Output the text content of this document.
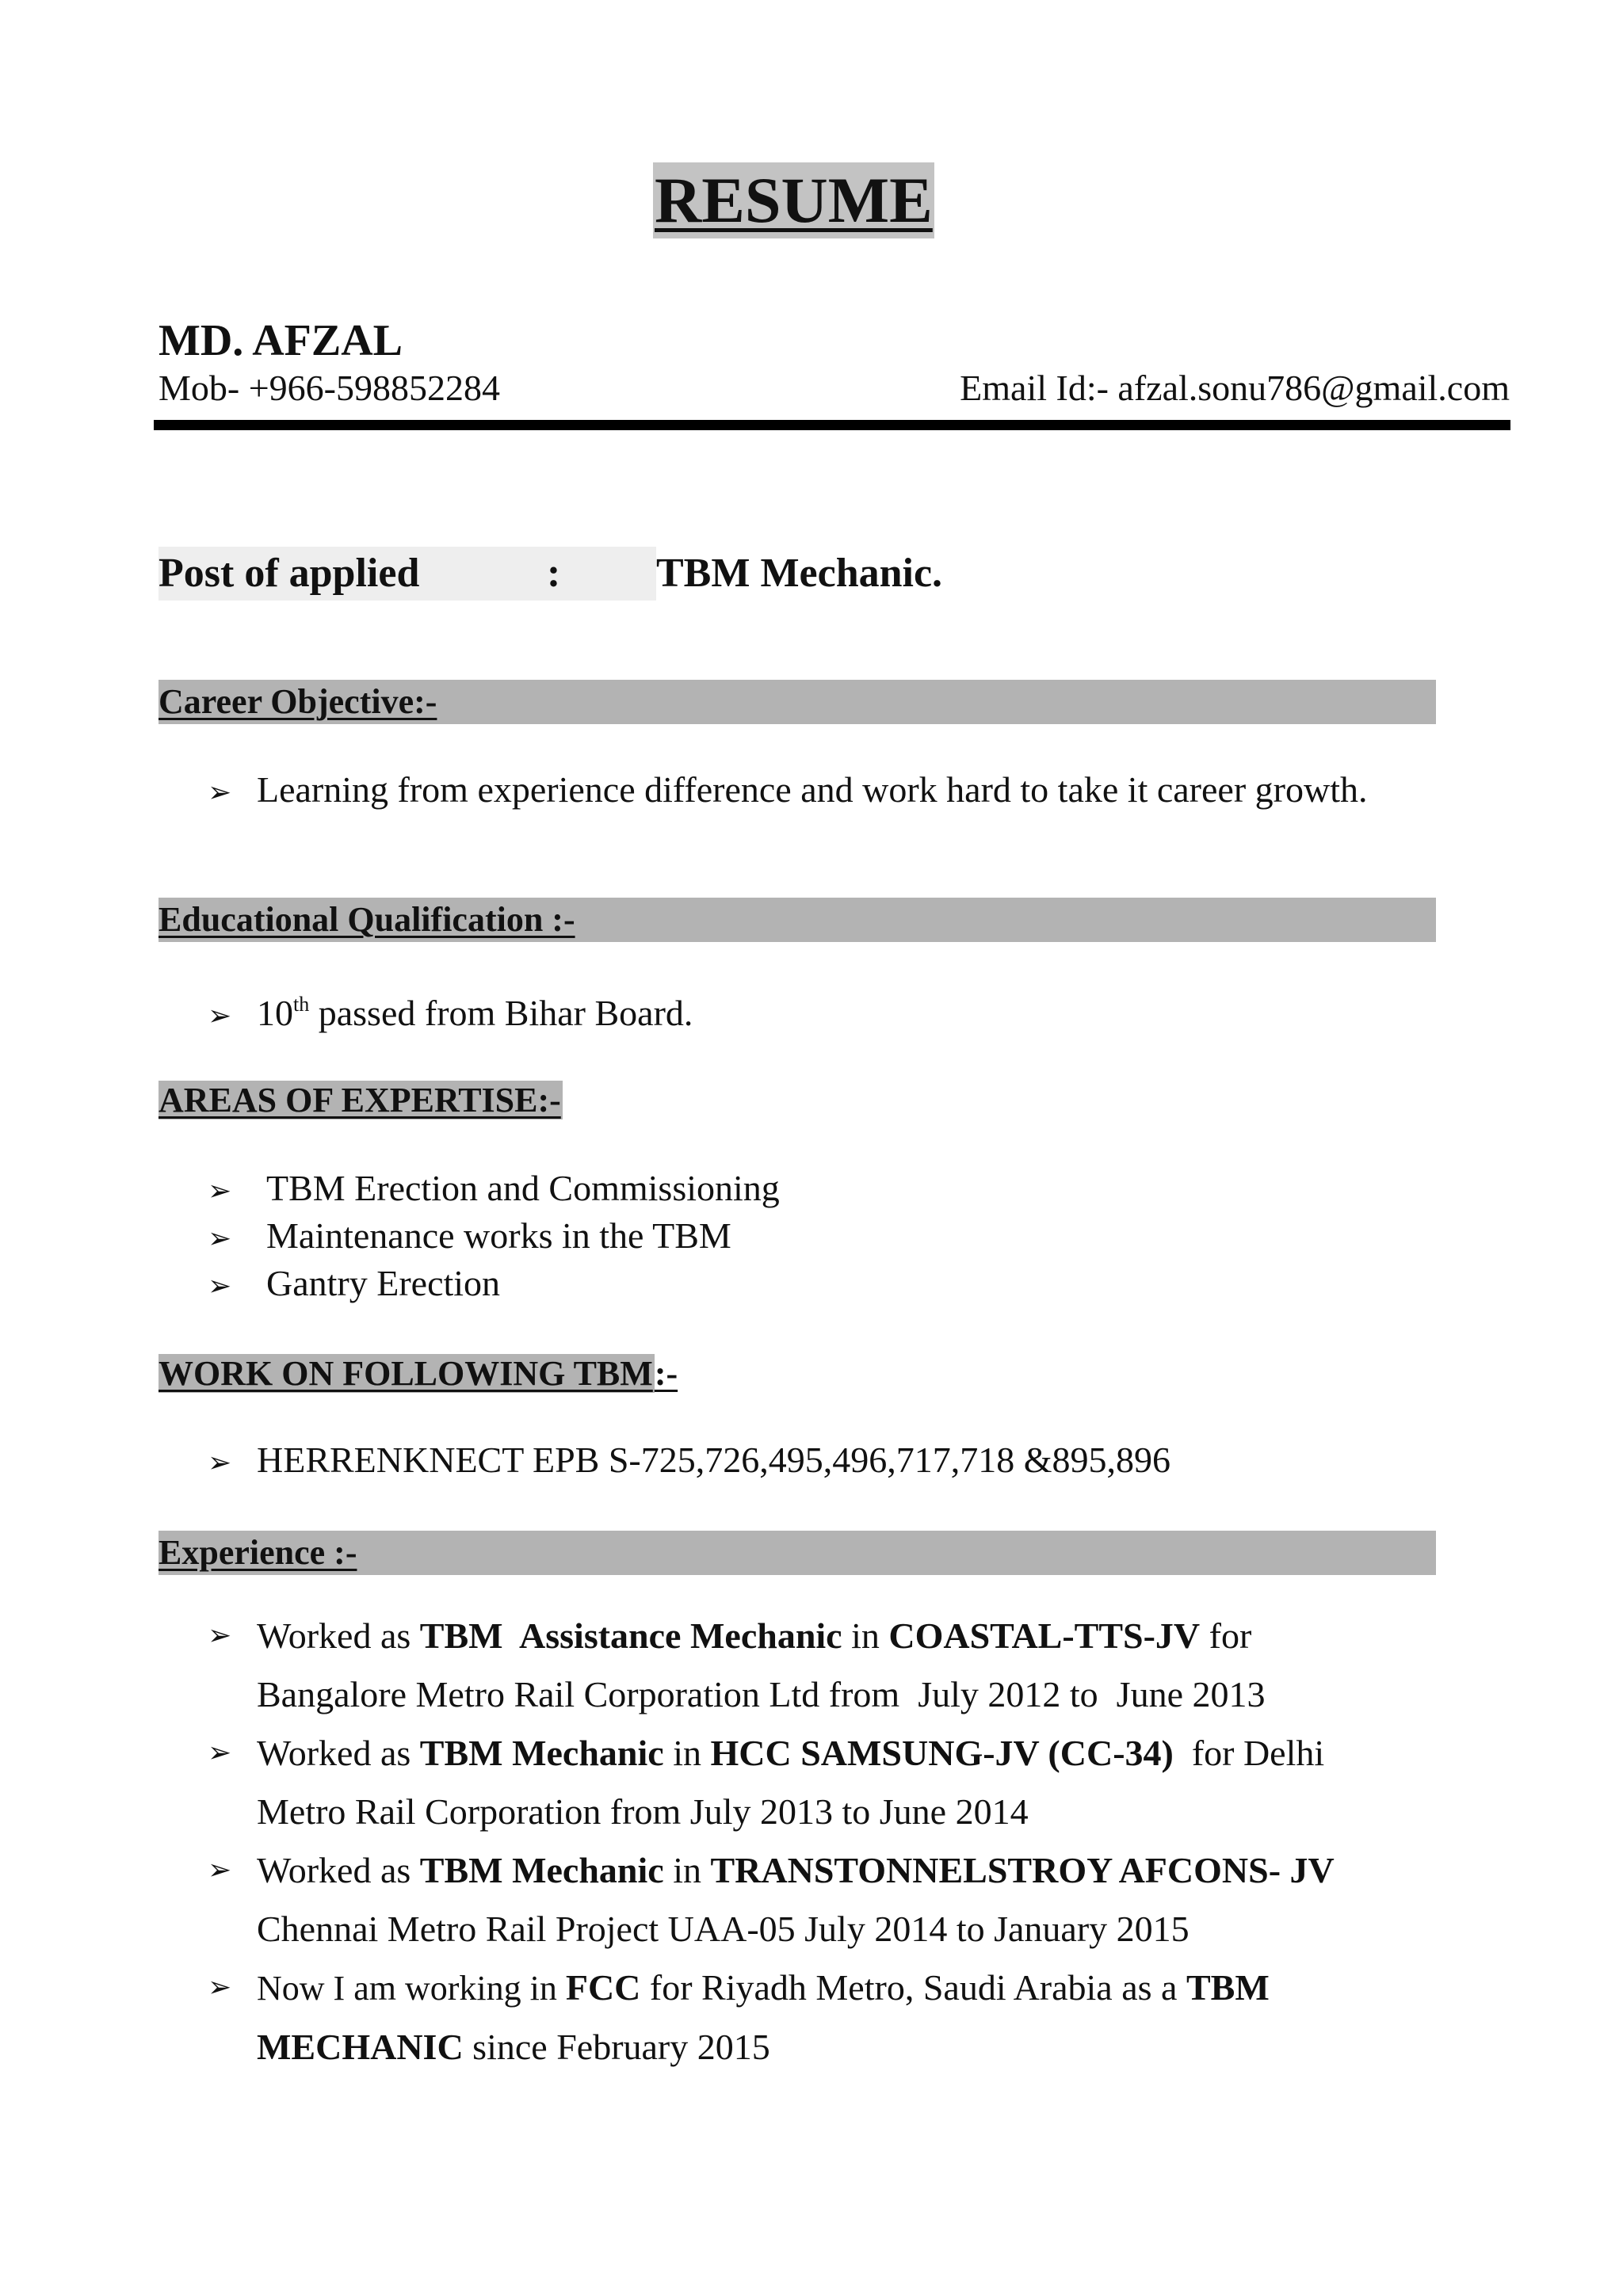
RESUME
MD. AFZAL
Mob- +966-598852284	Email Id:- afzal.sonu786@gmail.com
Post of applied	: TBM Mechanic.
Career Objective:-
➢ Learning from experience difference and work hard to take it career growth.
Educational Qualification :-
➢ 10th passed from Bihar Board.
AREAS OF EXPERTISE:-
➢ TBM Erection and Commissioning
➢ Maintenance works in the TBM
➢ Gantry Erection
WORK ON FOLLOWING TBM:-
➢ HERRENKNECT EPB S-725,726,495,496,717,718 &895,896
Experience :-
➢ Worked as TBM  Assistance Mechanic in COASTAL-TTS-JV for
Bangalore Metro Rail Corporation Ltd from  July 2012 to  June 2013
➢ Worked as TBM Mechanic in HCC SAMSUNG-JV (CC-34)  for Delhi
Metro Rail Corporation from July 2013 to June 2014
➢ Worked as TBM Mechanic in TRANSTONNELSTROY AFCONS- JV
Chennai Metro Rail Project UAA-05 July 2014 to January 2015
➢ Now I am working in FCC for Riyadh Metro, Saudi Arabia as a TBM
MECHANIC since February 2015
